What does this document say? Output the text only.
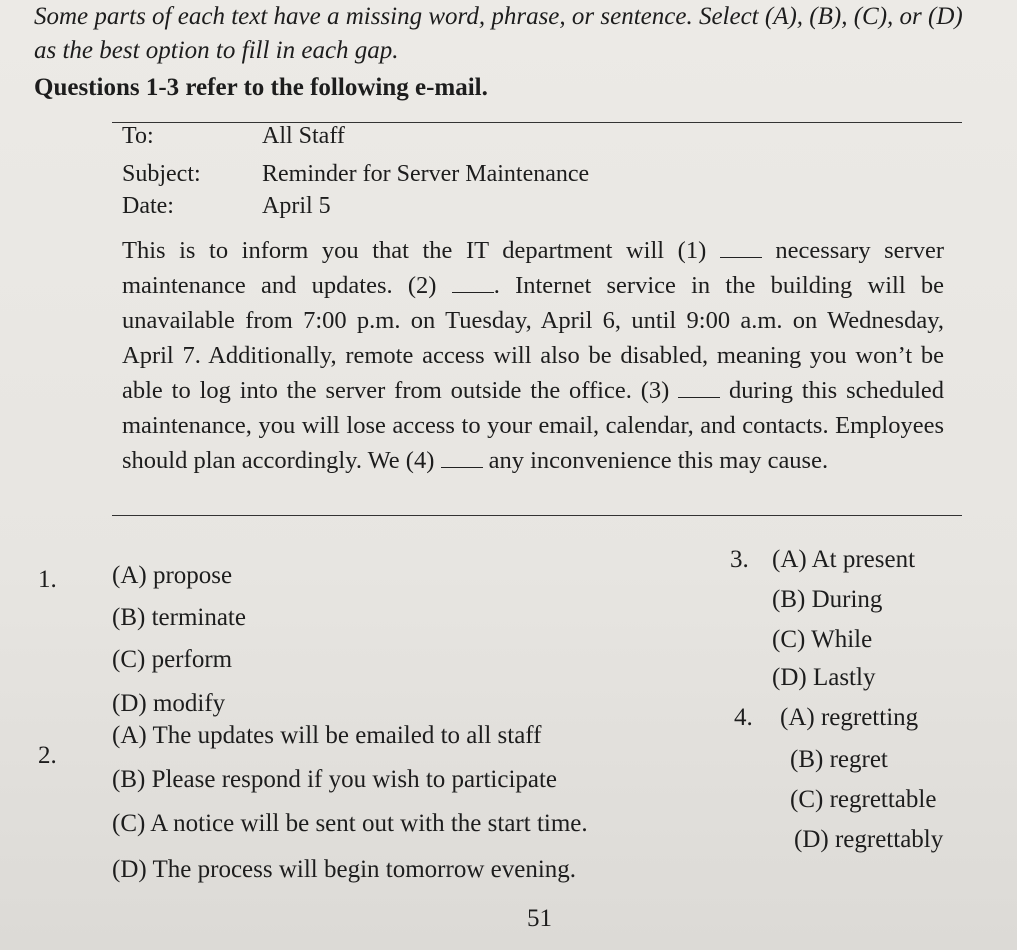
Some parts of each text have a missing word, phrase, or sentence. Select (A), (B), (C), or (D) as the best option to fill in each gap.
Questions 1-3 refer to the following e-mail.
To:	All Staff
Subject:	Reminder for Server Maintenance
Date:	April 5
This is to inform you that the IT department will (1)	necessary server maintenance and updates. (2) . Internet service in the building will be unavailable from 7:00 p.m. on Tuesday, April 6, until 9:00 a.m. on Wednesday, April 7. Additionally, remote access will also be disabled, meaning you won’t be able to log into the server from outside the office. (3) during this scheduled maintenance, you will lose access to your email, calendar, and contacts. Employees should plan accordingly. We (4) any inconvenience this may cause.
1. (A) propose
(B) terminate
(C) perform
(D) modify
3. (A) At present
(B) During
(C) While
(D) Lastly
2.
(A) The updates will be emailed to all staff
(B) Please respond if you wish to participate
(C) A notice will be sent out with the start time.
(D) The process will begin tomorrow evening.
4. (A) regretting
(B) regret
(C) regrettable
(D) regrettably
51
